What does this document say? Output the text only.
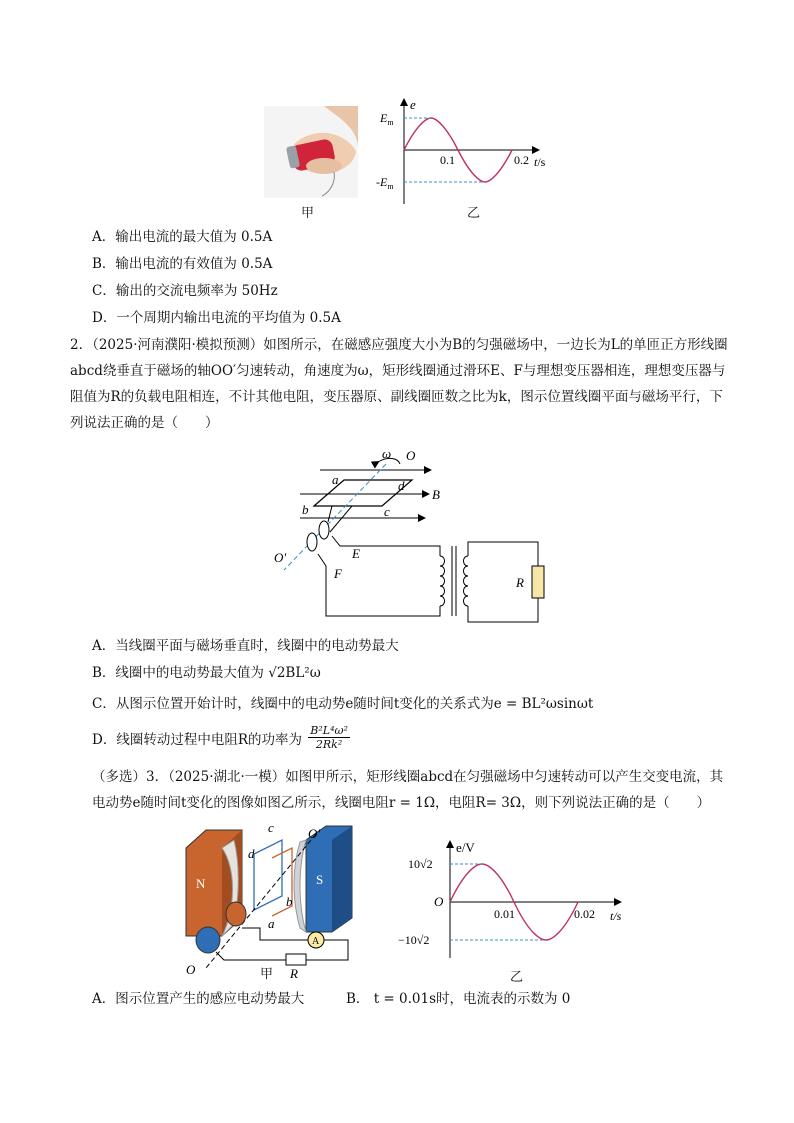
甲
e
$E_m$
$-E_m$
0.1	0.2 t/s
乙
A．输出电流的最大值为 0.5A
B．输出电流的有效值为 0.5A
C．输出的交流电频率为 50Hz
D．一个周期内输出电流的平均值为 0.5A
2．（2025·河南濮阳·模拟预测）如图所示，在磁感应强度大小为B的匀强磁场中，一边长为L的单匝正方形线圈abcd绕垂直于磁场的轴OO′匀速转动，角速度为ω，矩形线圈通过滑环E、F与理想变压器相连，理想变压器与阻值为R的负载电阻相连，不计其他电阻，变压器原、副线圈匝数之比为k，图示位置线圈平面与磁场平行，下列说法正确的是（　　）
ω O
a	d
B
b	c
O′	E
F
R
A．当线圈平面与磁场垂直时，线圈中的电动势最大
B．线圈中的电动势最大值为 √2BL²ω
C．从图示位置开始计时，线圈中的电动势e随时间t变化的关系式为e = BL²ωsinωt
D．线圈转动过程中电阻R的功率为 $\frac{\text{B²L⁴ω²}}{\text{2Rk²}}$
（多选）3．（2025·湖北·一模）如图甲所示，矩形线圈abcd在匀强磁场中匀速转动可以产生交变电流，其电动势e随时间t变化的图像如图乙所示，线圈电阻r = 1Ω，电阻R= 3Ω，则下列说法正确的是（　　）
N	S
c	O′
d
b
a
A
R
O	甲
e/V
10√2
−10√2
O
0.01	0.02 t/s
乙
A．图示位置产生的感应电动势最大	B． t = 0.01s时，电流表的示数为 0
